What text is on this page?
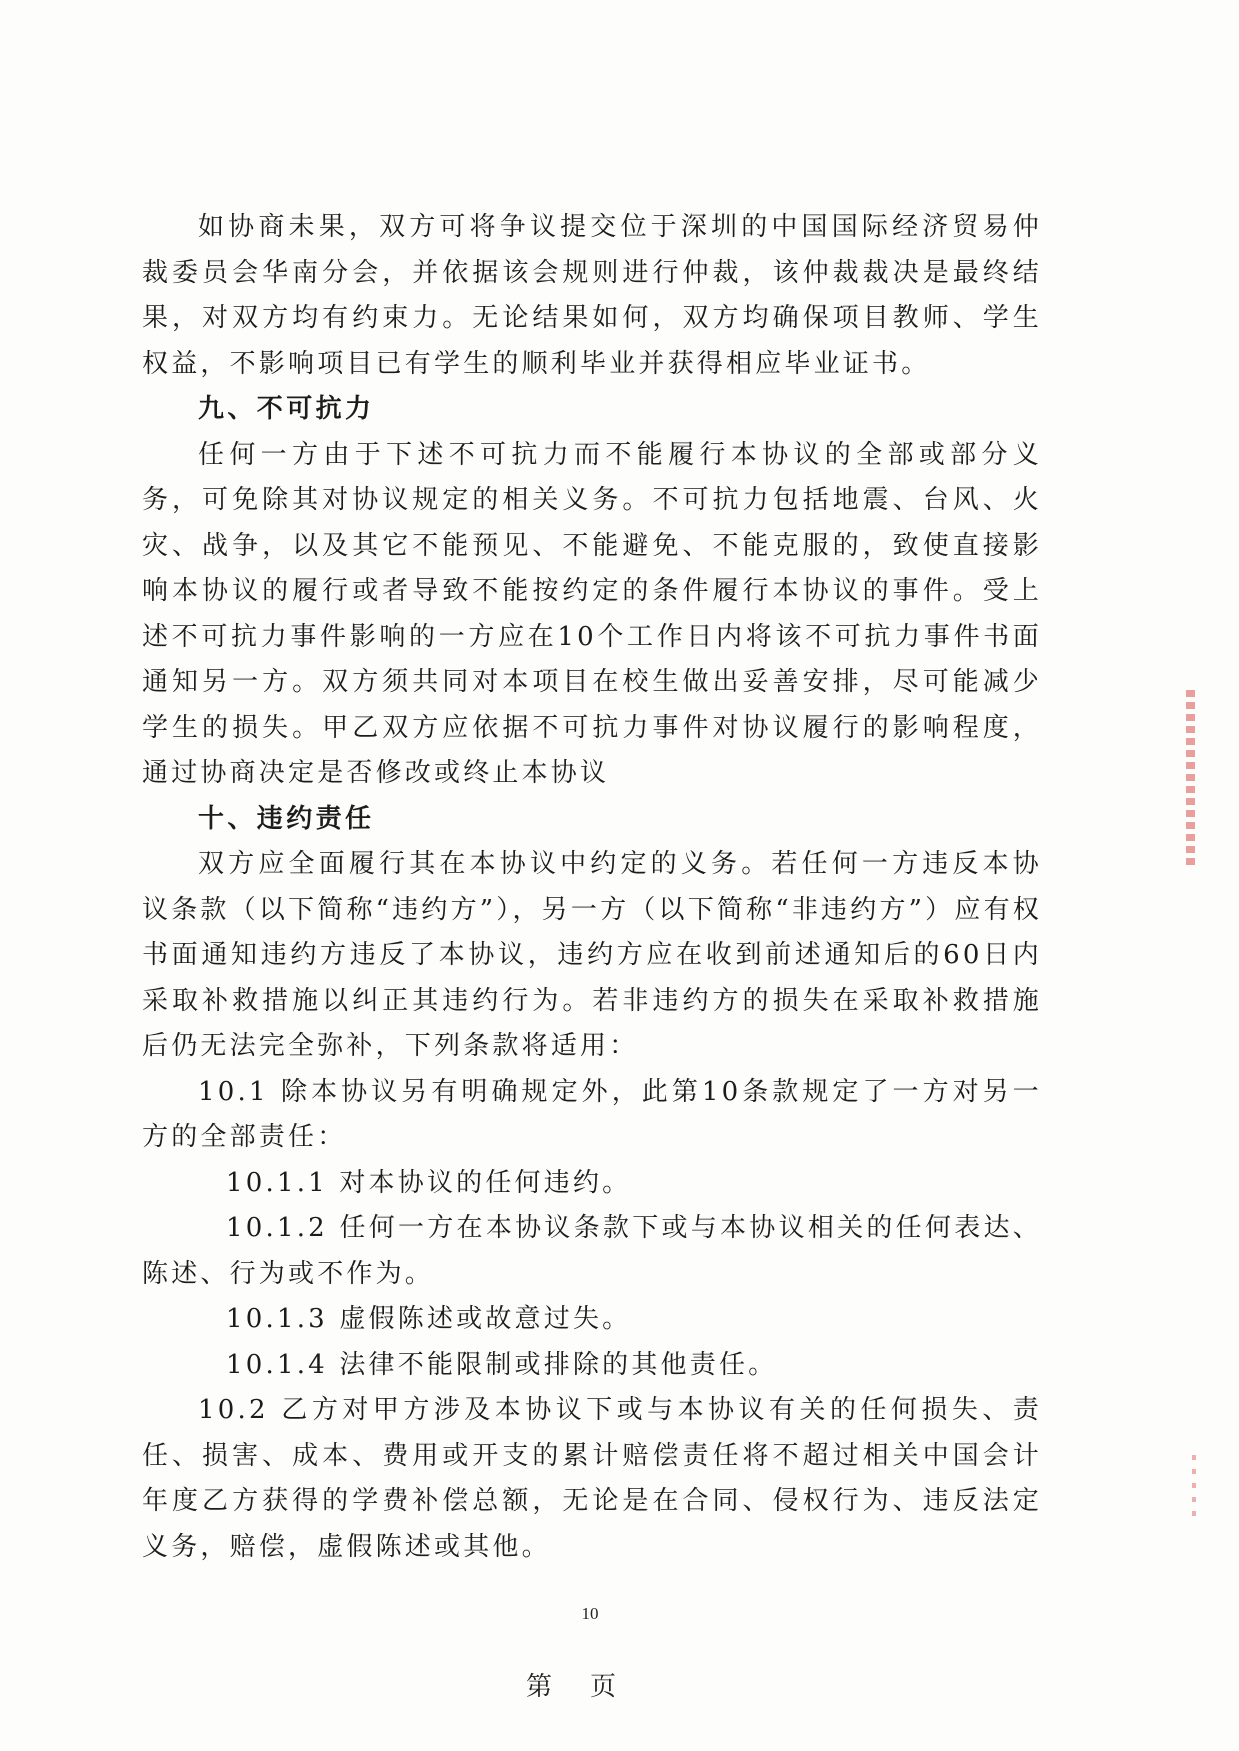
如协商未果，双方可将争议提交位于深圳的中国国际经济贸易仲裁委员会华南分会，并依据该会规则进行仲裁，该仲裁裁决是最终结果，对双方均有约束力。无论结果如何，双方均确保项目教师、学生权益，不影响项目已有学生的顺利毕业并获得相应毕业证书。

九、不可抗力

任何一方由于下述不可抗力而不能履行本协议的全部或部分义务，可免除其对协议规定的相关义务。不可抗力包括地震、台风、火灾、战争，以及其它不能预见、不能避免、不能克服的，致使直接影响本协议的履行或者导致不能按约定的条件履行本协议的事件。受上述不可抗力事件影响的一方应在10个工作日内将该不可抗力事件书面通知另一方。双方须共同对本项目在校生做出妥善安排，尽可能减少学生的损失。甲乙双方应依据不可抗力事件对协议履行的影响程度，通过协商决定是否修改或终止本协议

十、违约责任

双方应全面履行其在本协议中约定的义务。若任何一方违反本协议条款（以下简称“违约方”），另一方（以下简称“非违约方”）应有权书面通知违约方违反了本协议，违约方应在收到前述通知后的60日内采取补救措施以纠正其违约行为。若非违约方的损失在采取补救措施后仍无法完全弥补，下列条款将适用：

10.1 除本协议另有明确规定外，此第10条款规定了一方对另一方的全部责任：

10.1.1 对本协议的任何违约。

10.1.2 任何一方在本协议条款下或与本协议相关的任何表达、陈述、行为或不作为。

10.1.3 虚假陈述或故意过失。

10.1.4 法律不能限制或排除的其他责任。

10.2 乙方对甲方涉及本协议下或与本协议有关的任何损失、责任、损害、成本、费用或开支的累计赔偿责任将不超过相关中国会计年度乙方获得的学费补偿总额，无论是在合同、侵权行为、违反法定义务，赔偿，虚假陈述或其他。

10
第页
